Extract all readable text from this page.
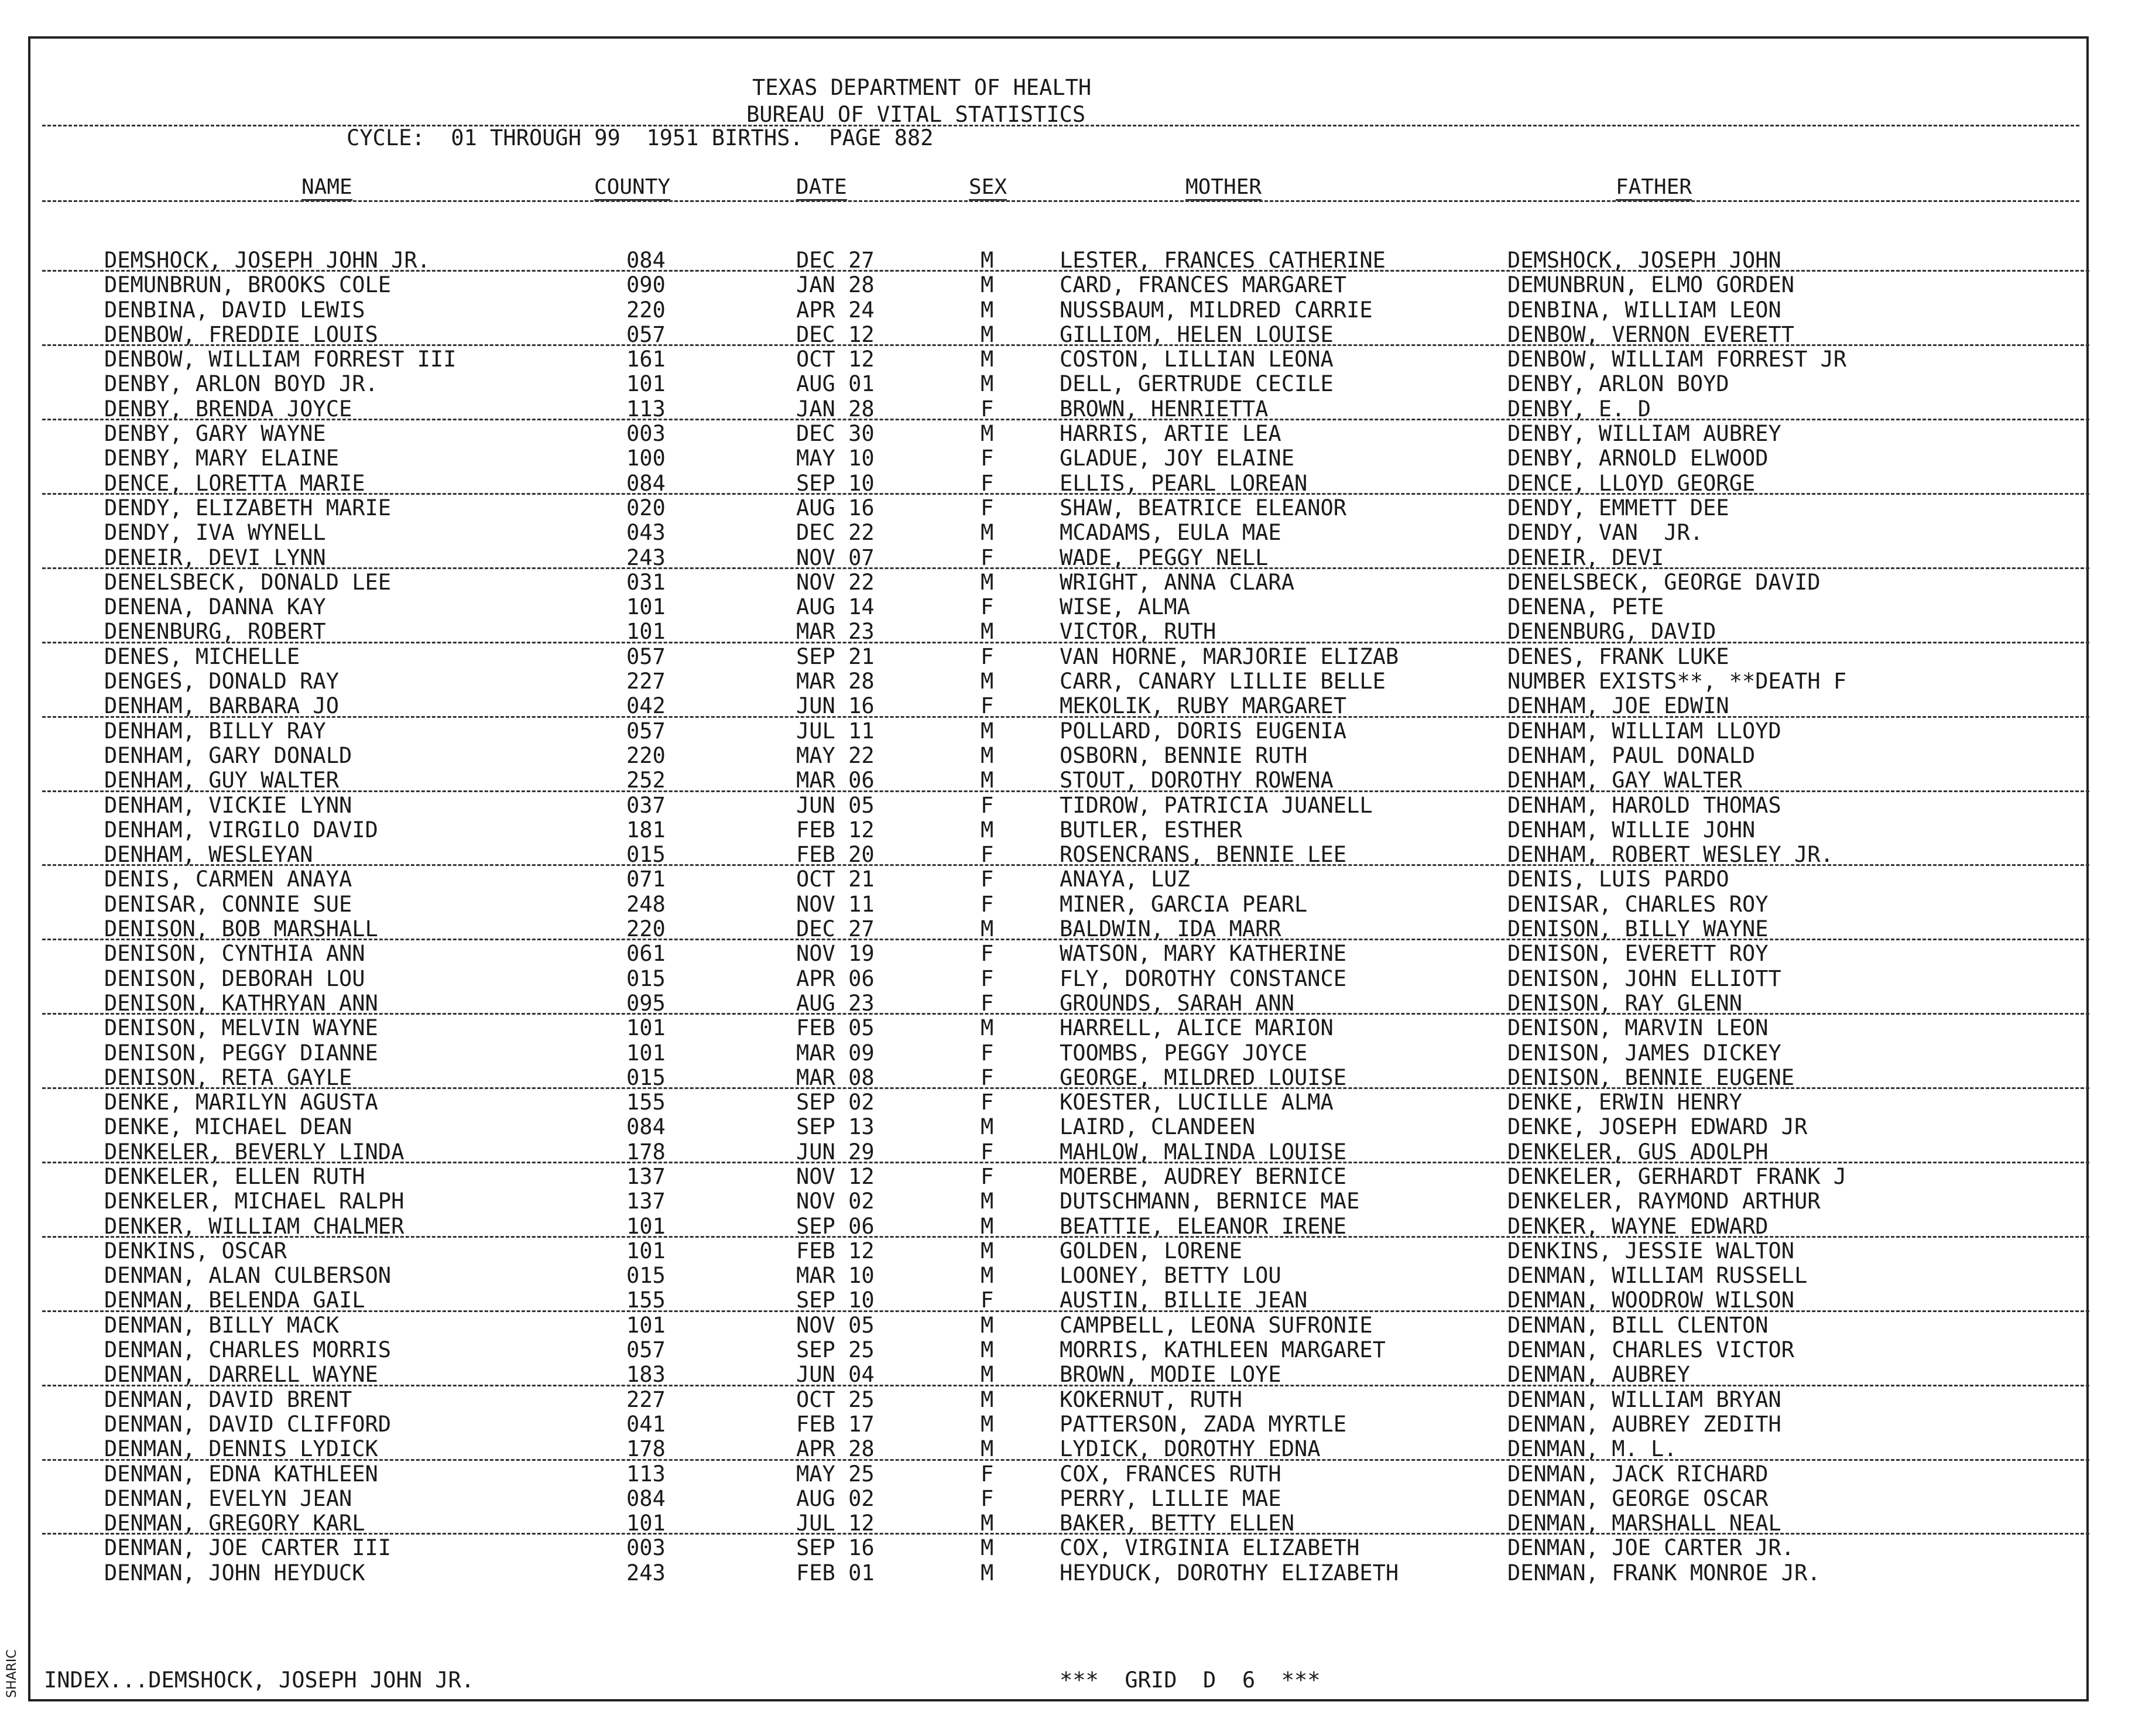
TEXAS DEPARTMENT OF HEALTH
BUREAU OF VITAL STATISTICS
CYCLE:  01 THROUGH 99  1951 BIRTHS.  PAGE 882
NAME	COUNTY	DATE	SEX	MOTHER	FATHER
DEMSHOCK, JOSEPH JOHN JR.	084	DEC 27	M	LESTER, FRANCES CATHERINE	DEMSHOCK, JOSEPH JOHN
DEMUNBRUN, BROOKS COLE	090	JAN 28	M	CARD, FRANCES MARGARET	DEMUNBRUN, ELMO GORDEN
DENBINA, DAVID LEWIS	220	APR 24	M	NUSSBAUM, MILDRED CARRIE	DENBINA, WILLIAM LEON
DENBOW, FREDDIE LOUIS	057	DEC 12	M	GILLIOM, HELEN LOUISE	DENBOW, VERNON EVERETT
DENBOW, WILLIAM FORREST III	161	OCT 12	M	COSTON, LILLIAN LEONA	DENBOW, WILLIAM FORREST JR
DENBY, ARLON BOYD JR.	101	AUG 01	M	DELL, GERTRUDE CECILE	DENBY, ARLON BOYD
DENBY, BRENDA JOYCE	113	JAN 28	F	BROWN, HENRIETTA	DENBY, E. D
DENBY, GARY WAYNE	003	DEC 30	M	HARRIS, ARTIE LEA	DENBY, WILLIAM AUBREY
DENBY, MARY ELAINE	100	MAY 10	F	GLADUE, JOY ELAINE	DENBY, ARNOLD ELWOOD
DENCE, LORETTA MARIE	084	SEP 10	F	ELLIS, PEARL LOREAN	DENCE, LLOYD GEORGE
DENDY, ELIZABETH MARIE	020	AUG 16	F	SHAW, BEATRICE ELEANOR	DENDY, EMMETT DEE
DENDY, IVA WYNELL	043	DEC 22	M	MCADAMS, EULA MAE	DENDY, VAN  JR.
DENEIR, DEVI LYNN	243	NOV 07	F	WADE, PEGGY NELL	DENEIR, DEVI
DENELSBECK, DONALD LEE	031	NOV 22	M	WRIGHT, ANNA CLARA	DENELSBECK, GEORGE DAVID
DENENA, DANNA KAY	101	AUG 14	F	WISE, ALMA	DENENA, PETE
DENENBURG, ROBERT	101	MAR 23	M	VICTOR, RUTH	DENENBURG, DAVID
DENES, MICHELLE	057	SEP 21	F	VAN HORNE, MARJORIE ELIZAB	DENES, FRANK LUKE
DENGES, DONALD RAY	227	MAR 28	M	CARR, CANARY LILLIE BELLE	NUMBER EXISTS**, **DEATH F
DENHAM, BARBARA JO	042	JUN 16	F	MEKOLIK, RUBY MARGARET	DENHAM, JOE EDWIN
DENHAM, BILLY RAY	057	JUL 11	M	POLLARD, DORIS EUGENIA	DENHAM, WILLIAM LLOYD
DENHAM, GARY DONALD	220	MAY 22	M	OSBORN, BENNIE RUTH	DENHAM, PAUL DONALD
DENHAM, GUY WALTER	252	MAR 06	M	STOUT, DOROTHY ROWENA	DENHAM, GAY WALTER
DENHAM, VICKIE LYNN	037	JUN 05	F	TIDROW, PATRICIA JUANELL	DENHAM, HAROLD THOMAS
DENHAM, VIRGILO DAVID	181	FEB 12	M	BUTLER, ESTHER	DENHAM, WILLIE JOHN
DENHAM, WESLEYAN	015	FEB 20	F	ROSENCRANS, BENNIE LEE	DENHAM, ROBERT WESLEY JR.
DENIS, CARMEN ANAYA	071	OCT 21	F	ANAYA, LUZ	DENIS, LUIS PARDO
DENISAR, CONNIE SUE	248	NOV 11	F	MINER, GARCIA PEARL	DENISAR, CHARLES ROY
DENISON, BOB MARSHALL	220	DEC 27	M	BALDWIN, IDA MARR	DENISON, BILLY WAYNE
DENISON, CYNTHIA ANN	061	NOV 19	F	WATSON, MARY KATHERINE	DENISON, EVERETT ROY
DENISON, DEBORAH LOU	015	APR 06	F	FLY, DOROTHY CONSTANCE	DENISON, JOHN ELLIOTT
DENISON, KATHRYAN ANN	095	AUG 23	F	GROUNDS, SARAH ANN	DENISON, RAY GLENN
DENISON, MELVIN WAYNE	101	FEB 05	M	HARRELL, ALICE MARION	DENISON, MARVIN LEON
DENISON, PEGGY DIANNE	101	MAR 09	F	TOOMBS, PEGGY JOYCE	DENISON, JAMES DICKEY
DENISON, RETA GAYLE	015	MAR 08	F	GEORGE, MILDRED LOUISE	DENISON, BENNIE EUGENE
DENKE, MARILYN AGUSTA	155	SEP 02	F	KOESTER, LUCILLE ALMA	DENKE, ERWIN HENRY
DENKE, MICHAEL DEAN	084	SEP 13	M	LAIRD, CLANDEEN	DENKE, JOSEPH EDWARD JR
DENKELER, BEVERLY LINDA	178	JUN 29	F	MAHLOW, MALINDA LOUISE	DENKELER, GUS ADOLPH
DENKELER, ELLEN RUTH	137	NOV 12	F	MOERBE, AUDREY BERNICE	DENKELER, GERHARDT FRANK J
DENKELER, MICHAEL RALPH	137	NOV 02	M	DUTSCHMANN, BERNICE MAE	DENKELER, RAYMOND ARTHUR
DENKER, WILLIAM CHALMER	101	SEP 06	M	BEATTIE, ELEANOR IRENE	DENKER, WAYNE EDWARD
DENKINS, OSCAR	101	FEB 12	M	GOLDEN, LORENE	DENKINS, JESSIE WALTON
DENMAN, ALAN CULBERSON	015	MAR 10	M	LOONEY, BETTY LOU	DENMAN, WILLIAM RUSSELL
DENMAN, BELENDA GAIL	155	SEP 10	F	AUSTIN, BILLIE JEAN	DENMAN, WOODROW WILSON
DENMAN, BILLY MACK	101	NOV 05	M	CAMPBELL, LEONA SUFRONIE	DENMAN, BILL CLENTON
DENMAN, CHARLES MORRIS	057	SEP 25	M	MORRIS, KATHLEEN MARGARET	DENMAN, CHARLES VICTOR
DENMAN, DARRELL WAYNE	183	JUN 04	M	BROWN, MODIE LOYE	DENMAN, AUBREY
DENMAN, DAVID BRENT	227	OCT 25	M	KOKERNUT, RUTH	DENMAN, WILLIAM BRYAN
DENMAN, DAVID CLIFFORD	041	FEB 17	M	PATTERSON, ZADA MYRTLE	DENMAN, AUBREY ZEDITH
DENMAN, DENNIS LYDICK	178	APR 28	M	LYDICK, DOROTHY EDNA	DENMAN, M. L.
DENMAN, EDNA KATHLEEN	113	MAY 25	F	COX, FRANCES RUTH	DENMAN, JACK RICHARD
DENMAN, EVELYN JEAN	084	AUG 02	F	PERRY, LILLIE MAE	DENMAN, GEORGE OSCAR
DENMAN, GREGORY KARL	101	JUL 12	M	BAKER, BETTY ELLEN	DENMAN, MARSHALL NEAL
DENMAN, JOE CARTER III	003	SEP 16	M	COX, VIRGINIA ELIZABETH	DENMAN, JOE CARTER JR.
DENMAN, JOHN HEYDUCK	243	FEB 01	M	HEYDUCK, DOROTHY ELIZABETH	DENMAN, FRANK MONROE JR.
INDEX...DEMSHOCK, JOSEPH JOHN JR.	***  GRID  D  6  ***
SHARIC
